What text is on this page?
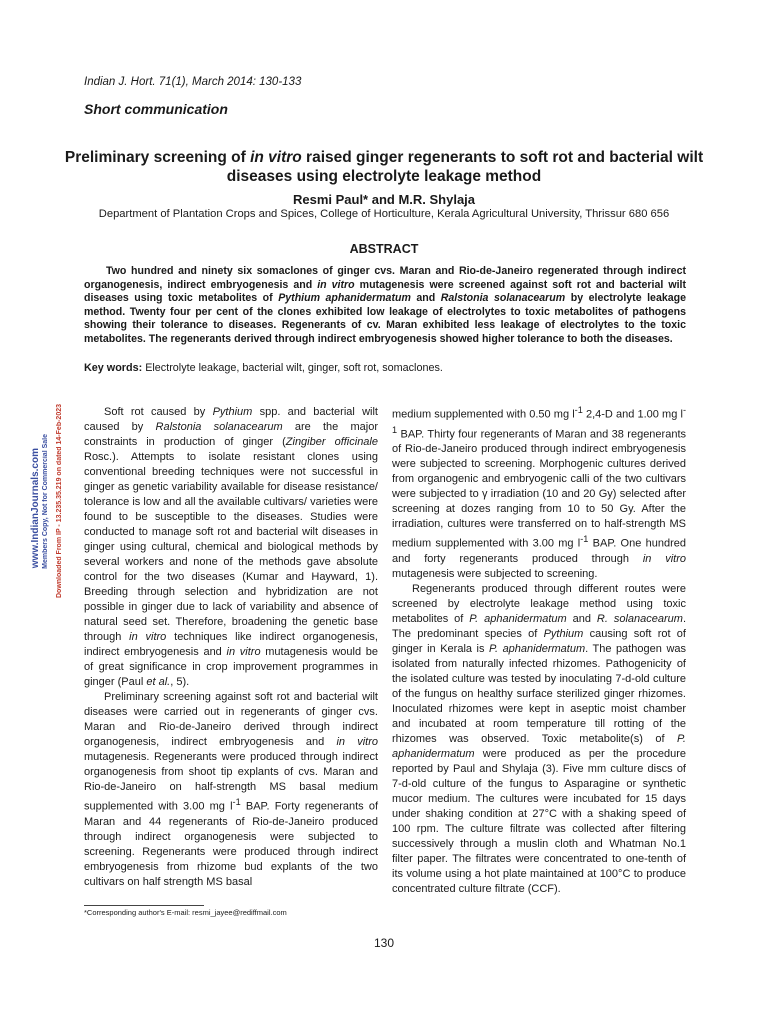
Indian J. Hort. 71(1), March 2014: 130-133
Short communication
Preliminary screening of in vitro raised ginger regenerants to soft rot and bacterial wilt diseases using electrolyte leakage method
Resmi Paul* and M.R. Shylaja
Department of Plantation Crops and Spices, College of Horticulture, Kerala Agricultural University, Thrissur 680 656
ABSTRACT
Two hundred and ninety six somaclones of ginger cvs. Maran and Rio-de-Janeiro regenerated through indirect organogenesis, indirect embryogenesis and in vitro mutagenesis were screened against soft rot and bacterial wilt diseases using toxic metabolites of Pythium aphanidermatum and Ralstonia solanacearum by electrolyte leakage method. Twenty four per cent of the clones exhibited low leakage of electrolytes to toxic metabolites of pathogens showing their tolerance to diseases. Regenerants of cv. Maran exhibited less leakage of electrolytes to the toxic metabolites. The regenerants derived through indirect embryogenesis showed higher tolerance to both the diseases.
Key words: Electrolyte leakage, bacterial wilt, ginger, soft rot, somaclones.

Soft rot caused by Pythium spp. and bacterial wilt caused by Ralstonia solanacearum are the major constraints in production of ginger (Zingiber officinale Rosc.). Attempts to isolate resistant clones using conventional breeding techniques were not successful in ginger as genetic variability available for disease resistance/ tolerance is low and all the available cultivars/ varieties were found to be susceptible to the diseases. Studies were conducted to manage soft rot and bacterial wilt diseases in ginger using cultural, chemical and biological methods by several workers and none of the methods gave absolute control for the two diseases (Kumar and Hayward, 1). Breeding through selection and hybridization are not possible in ginger due to lack of variability and absence of natural seed set. Therefore, broadening the genetic base through in vitro techniques like indirect organogenesis, indirect embryogenesis and in vitro mutagenesis would be of great significance in crop improvement programmes in ginger (Paul et al., 5).

Preliminary screening against soft rot and bacterial wilt diseases were carried out in regenerants of ginger cvs. Maran and Rio-de-Janeiro derived through indirect organogenesis, indirect embryogenesis and in vitro mutagenesis. Regenerants were produced through indirect organogenesis from shoot tip explants of cvs. Maran and Rio-de-Janeiro on half-strength MS basal medium supplemented with 3.00 mg $l^{-1}$ BAP. Forty regenerants of Maran and 44 regenerants of Rio-de-Janeiro produced through indirect organogenesis were subjected to screening. Regenerants were produced through indirect embryogenesis from rhizome bud explants of the two cultivars on half strength MS basal

medium supplemented with 0.50 mg $l^{-1}$ 2,4-D and 1.00 mg $l^{-1}$ BAP. Thirty four regenerants of Maran and 38 regenerants of Rio-de-Janeiro produced through indirect embryogenesis were subjected to screening. Morphogenic cultures derived from organogenic and embryogenic calli of the two cultivars were subjected to γ irradiation (10 and 20 Gy) selected after screening at dozes ranging from 10 to 50 Gy. After the irradiation, cultures were transferred on to half-strength MS medium supplemented with 3.00 mg $l^{-1}$ BAP. One hundred and forty regenerants produced through in vitro mutagenesis were subjected to screening.

Regenerants produced through different routes were screened by electrolyte leakage method using toxic metabolites of P. aphanidermatum and R. solanacearum. The predominant species of Pythium causing soft rot of ginger in Kerala is P. aphanidermatum. The pathogen was isolated from naturally infected rhizomes. Pathogenicity of the isolated culture was tested by inoculating 7-d-old culture of the fungus on healthy surface sterilized ginger rhizomes. Inoculated rhizomes were kept in aseptic moist chamber and incubated at room temperature till rotting of the rhizomes was observed. Toxic metabolite(s) of P. aphanidermatum were produced as per the procedure reported by Paul and Shylaja (3). Five mm culture discs of 7-d-old culture of the fungus to Asparagine or synthetic mucor medium. The cultures were incubated for 15 days under shaking condition at 27°C with a shaking speed of 100 rpm. The culture filtrate was collected after filtering successively through a muslin cloth and Whatman No.1 filter paper. The filtrates were concentrated to one-tenth of its volume using a hot plate maintained at 100°C to produce concentrated culture filtrate (CCF).

*Corresponding author's E-mail: resmi_jayee@rediffmail.com
130
www.IndianJournals.com Members Copy, Not for Commercial Sale Downloaded From IP - 13.235.35.219 on dated 14-Feb-2023
